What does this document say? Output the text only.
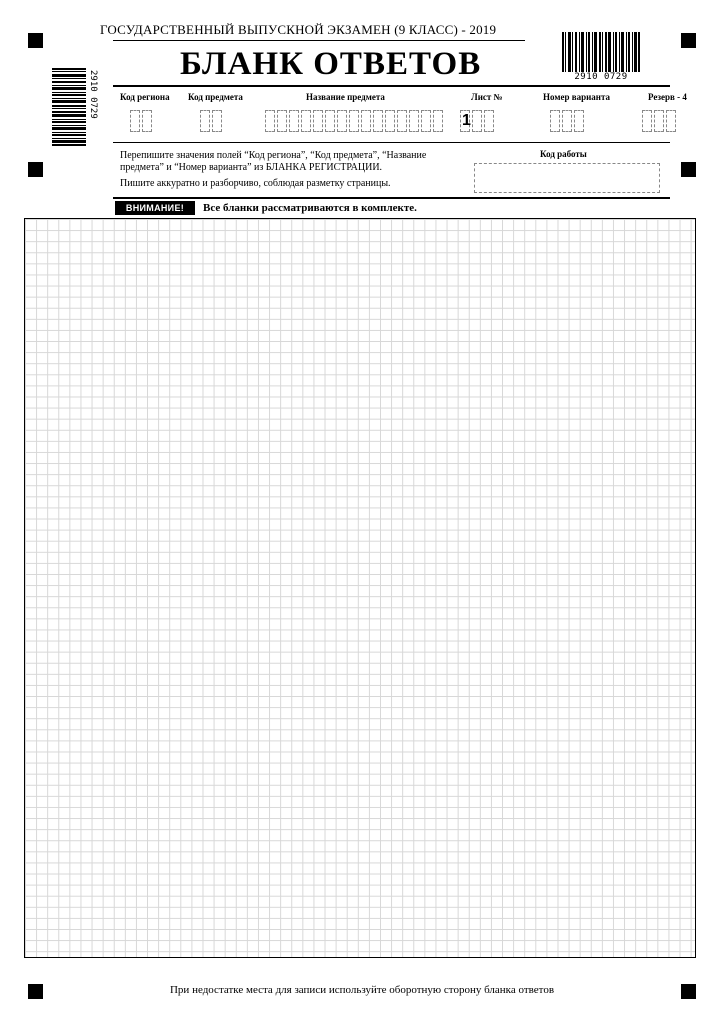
ГОСУДАРСТВЕННЫЙ ВЫПУСКНОЙ ЭКЗАМЕН (9 КЛАСС) - 2019
БЛАНК ОТВЕТОВ	2910 0729
2910 0729 Код региона Код предмета	Название предмета	Лист №	Номер варианта	Резерв - 4
1
Перепишите значения полей “Код региона”, “Код предмета”, “Название предмета” и “Номер варианта” из БЛАНКА РЕГИСТРАЦИИ.
Пишите аккуратно и разборчиво, соблюдая разметку страницы.
Код работы
ВНИМАНИЕ!	Все бланки рассматриваются в комплекте.
При недостатке места для записи используйте оборотную сторону бланка ответов
